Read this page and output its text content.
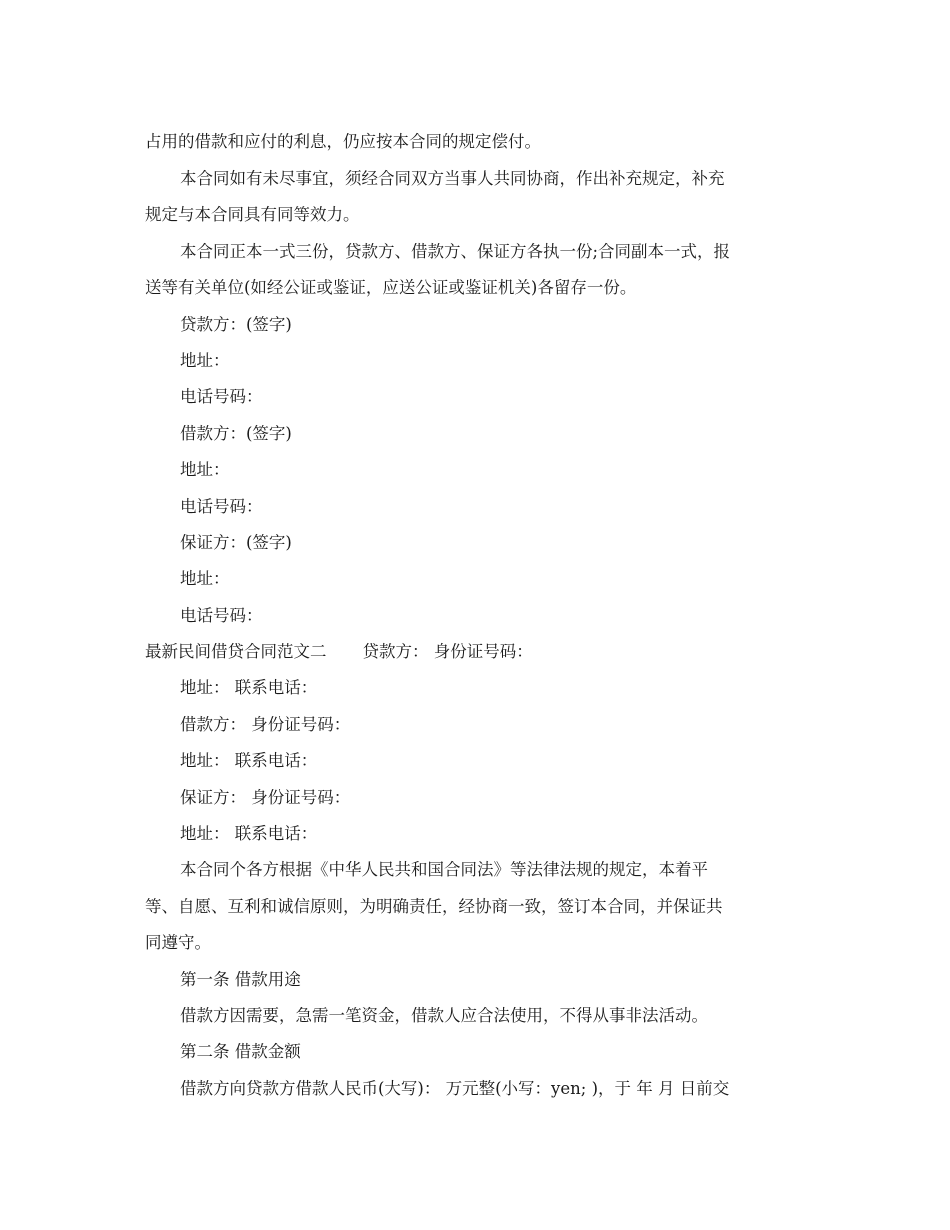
占用的借款和应付的利息，仍应按本合同的规定偿付。
本合同如有未尽事宜，须经合同双方当事人共同协商，作出补充规定，补充
规定与本合同具有同等效力。
本合同正本一式三份，贷款方、借款方、保证方各执一份;合同副本一式，报
送等有关单位(如经公证或鉴证，应送公证或鉴证机关)各留存一份。
贷款方：(签字)
地址：
电话号码：
借款方：(签字)
地址：
电话号码：
保证方：(签字)
地址：
电话号码：
最新民间借贷合同范文二 贷款方： 身份证号码：
地址： 联系电话：
借款方： 身份证号码：
地址： 联系电话：
保证方： 身份证号码：
地址： 联系电话：
本合同个各方根据《中华人民共和国合同法》等法律法规的规定，本着平
等、自愿、互利和诚信原则，为明确责任，经协商一致，签订本合同，并保证共
同遵守。
第一条 借款用途
借款方因需要，急需一笔资金，借款人应合法使用，不得从事非法活动。
第二条 借款金额
借款方向贷款方借款人民币(大写)： 万元整(小写：yen; )，于 年 月 日前交
